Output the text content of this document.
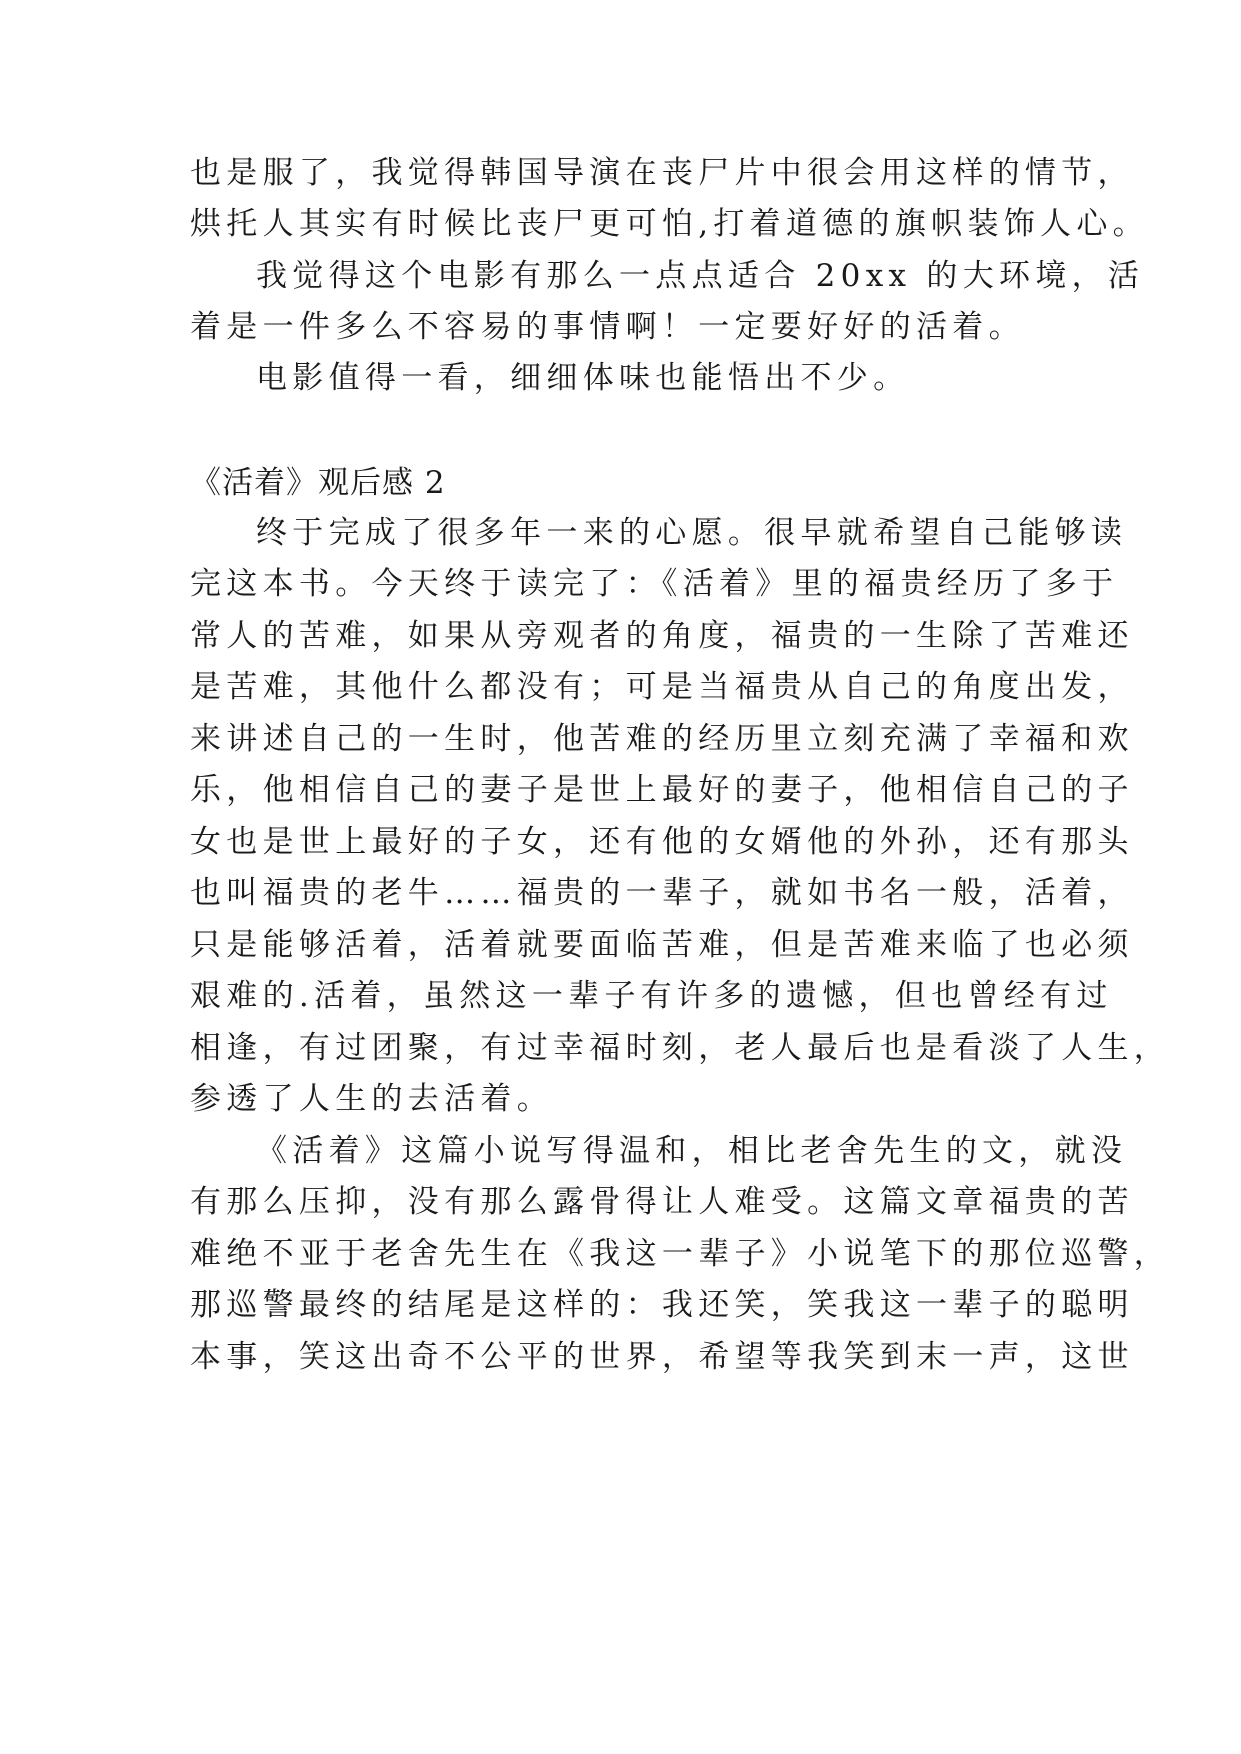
也是服了，我觉得韩国导演在丧尸片中很会用这样的情节，
烘托人其实有时候比丧尸更可怕,打着道德的旗帜装饰人心。
我觉得这个电影有那么一点点适合 20xx 的大环境，活
着是一件多么不容易的事情啊！一定要好好的活着。
电影值得一看，细细体味也能悟出不少。
《活着》观后感 2
终于完成了很多年一来的心愿。很早就希望自己能够读
完这本书。今天终于读完了：《活着》里的福贵经历了多于
常人的苦难，如果从旁观者的角度，福贵的一生除了苦难还
是苦难，其他什么都没有；可是当福贵从自己的角度出发，
来讲述自己的一生时，他苦难的经历里立刻充满了幸福和欢
乐，他相信自己的妻子是世上最好的妻子，他相信自己的子
女也是世上最好的子女，还有他的女婿他的外孙，还有那头
也叫福贵的老牛……福贵的一辈子，就如书名一般，活着，
只是能够活着，活着就要面临苦难，但是苦难来临了也必须
艰难的.活着，虽然这一辈子有许多的遗憾，但也曾经有过
相逢，有过团聚，有过幸福时刻，老人最后也是看淡了人生，
参透了人生的去活着。
《活着》这篇小说写得温和，相比老舍先生的文，就没
有那么压抑，没有那么露骨得让人难受。这篇文章福贵的苦
难绝不亚于老舍先生在《我这一辈子》小说笔下的那位巡警，
那巡警最终的结尾是这样的：我还笑，笑我这一辈子的聪明
本事，笑这出奇不公平的世界，希望等我笑到末一声，这世
